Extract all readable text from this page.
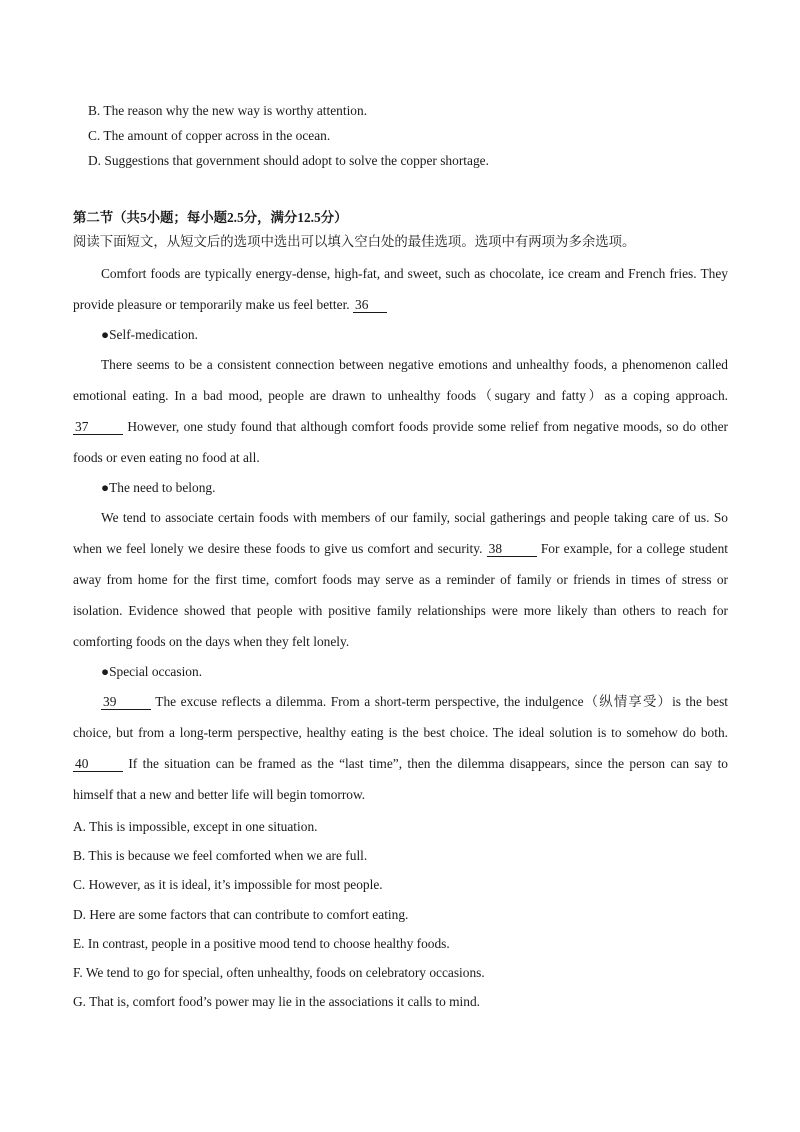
B. The reason why the new way is worthy attention.
C. The amount of copper across in the ocean.
D. Suggestions that government should adopt to solve the copper shortage.
第二节（共5小题；每小题2.5分，满分12.5分）
阅读下面短文，从短文后的选项中选出可以填入空白处的最佳选项。选项中有两项为多余选项。

Comfort foods are typically energy-dense, high-fat, and sweet, such as chocolate, ice cream and French fries. They provide pleasure or temporarily make us feel better. 36

●Self-medication.

There seems to be a consistent connection between negative emotions and unhealthy foods, a phenomenon called emotional eating. In a bad mood, people are drawn to unhealthy foods（sugary and fatty）as a coping approach. 37	However, one study found that although comfort foods provide some relief from negative moods, so do other foods or even eating no food at all.

●The need to belong.

We tend to associate certain foods with members of our family, social gatherings and people taking care of us. So when we feel lonely we desire these foods to give us comfort and security. 38	For example, for a college student away from home for the first time, comfort foods may serve as a reminder of family or friends in times of stress or isolation. Evidence showed that people with positive family relationships were more likely than others to reach for comforting foods on the days when they felt lonely.

●Special occasion.

39	The excuse reflects a dilemma. From a short-term perspective, the indulgence（纵情享受）is the best choice, but from a long-term perspective, healthy eating is the best choice. The ideal solution is to somehow do both. 40	If the situation can be framed as the “last time”, then the dilemma disappears, since the person can say to himself that a new and better life will begin tomorrow.

A. This is impossible, except in one situation.
B. This is because we feel comforted when we are full.
C. However, as it is ideal, it’s impossible for most people.
D. Here are some factors that can contribute to comfort eating.
E. In contrast, people in a positive mood tend to choose healthy foods.
F. We tend to go for special, often unhealthy, foods on celebratory occasions.
G. That is, comfort food’s power may lie in the associations it calls to mind.
